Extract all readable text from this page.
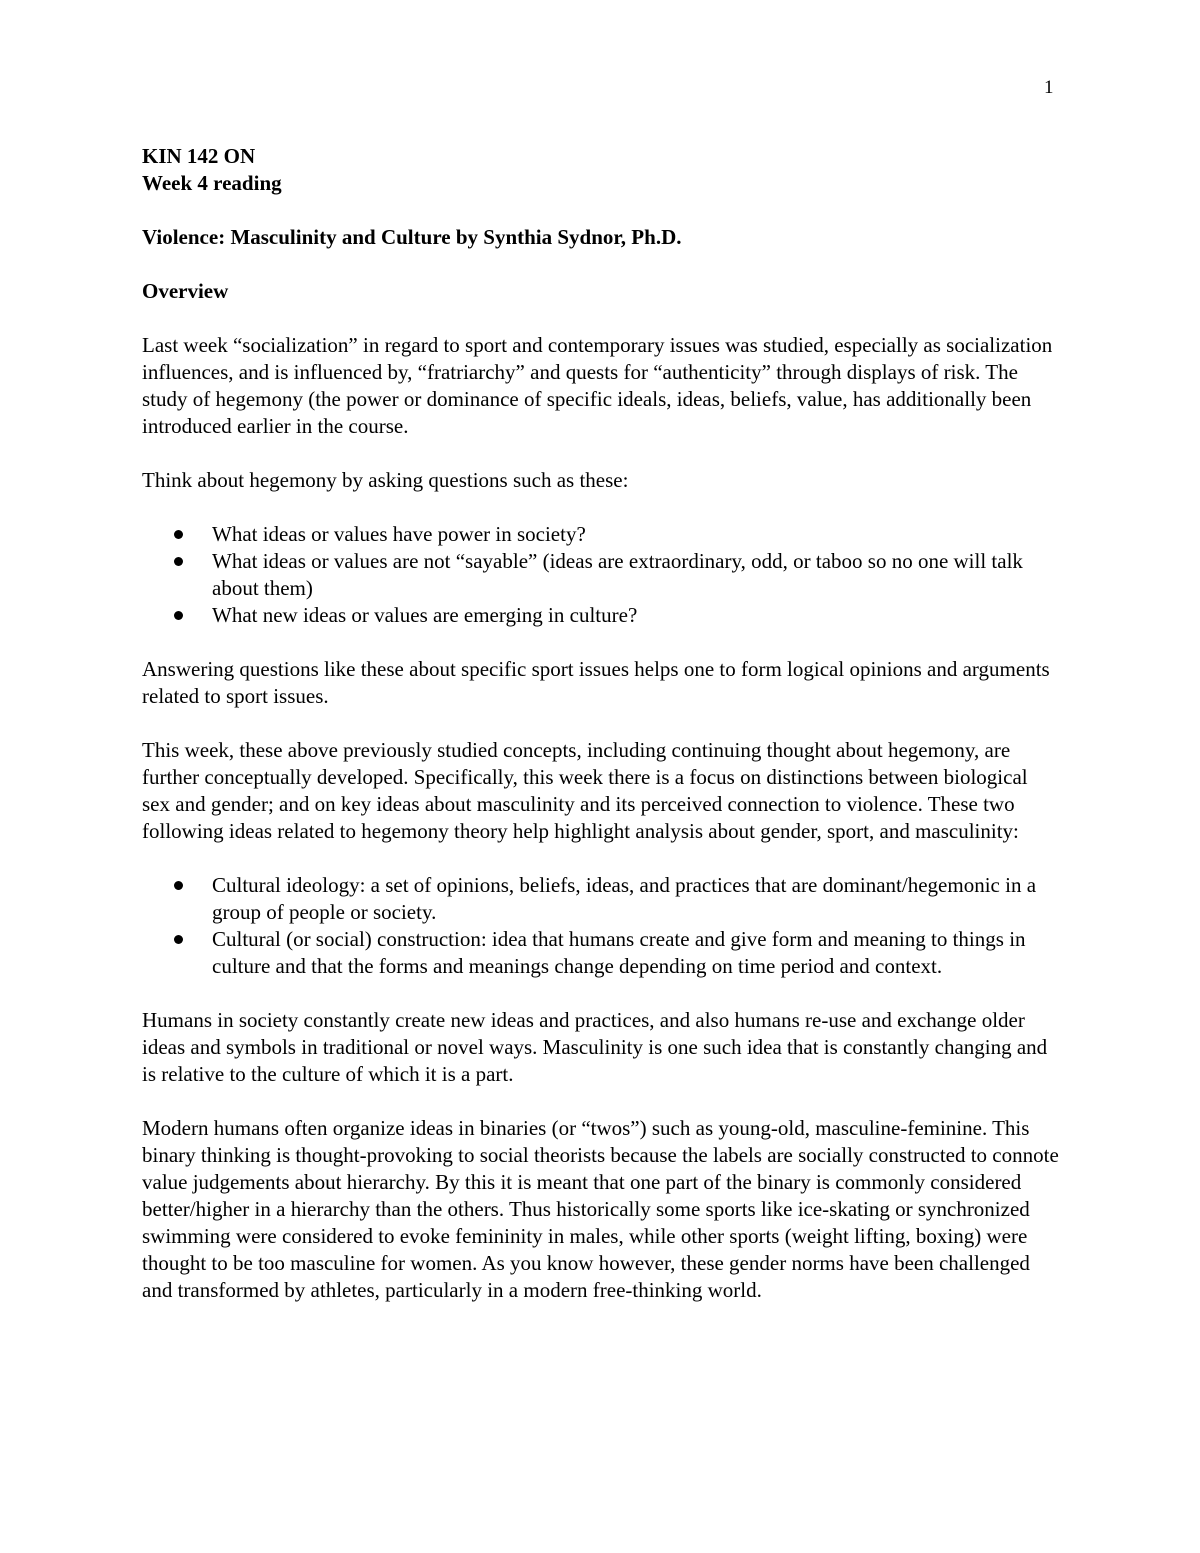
1

KIN 142 ON

Week 4 reading

Violence: Masculinity and Culture by Synthia Sydnor, Ph.D.

Overview

Last week “socialization” in regard to sport and contemporary issues was studied, especially as socialization influences, and is influenced by, “fratriarchy” and quests for “authenticity” through displays of risk. The study of hegemony (the power or dominance of specific ideals, ideas, beliefs, value, has additionally been introduced earlier in the course.

Think about hegemony by asking questions such as these:

What ideas or values have power in society?
What ideas or values are not “sayable” (ideas are extraordinary, odd, or taboo so no one will talk about them)
What new ideas or values are emerging in culture?

Answering questions like these about specific sport issues helps one to form logical opinions and arguments related to sport issues.

This week, these above previously studied concepts, including continuing thought about hegemony, are further conceptually developed. Specifically, this week there is a focus on distinctions between biological sex and gender; and on key ideas about masculinity and its perceived connection to violence. These two following ideas related to hegemony theory help highlight analysis about gender, sport, and masculinity:

Cultural ideology: a set of opinions, beliefs, ideas, and practices that are dominant/hegemonic in a group of people or society.
Cultural (or social) construction: idea that humans create and give form and meaning to things in culture and that the forms and meanings change depending on time period and context.

Humans in society constantly create new ideas and practices, and also humans re-use and exchange older ideas and symbols in traditional or novel ways. Masculinity is one such idea that is constantly changing and is relative to the culture of which it is a part.

Modern humans often organize ideas in binaries (or “twos”) such as young-old, masculine-feminine. This binary thinking is thought-provoking to social theorists because the labels are socially constructed to connote value judgements about hierarchy. By this it is meant that one part of the binary is commonly considered better/higher in a hierarchy than the others. Thus historically some sports like ice-skating or synchronized swimming were considered to evoke femininity in males, while other sports (weight lifting, boxing) were thought to be too masculine for women. As you know however, these gender norms have been challenged and transformed by athletes, particularly in a modern free-thinking world.
